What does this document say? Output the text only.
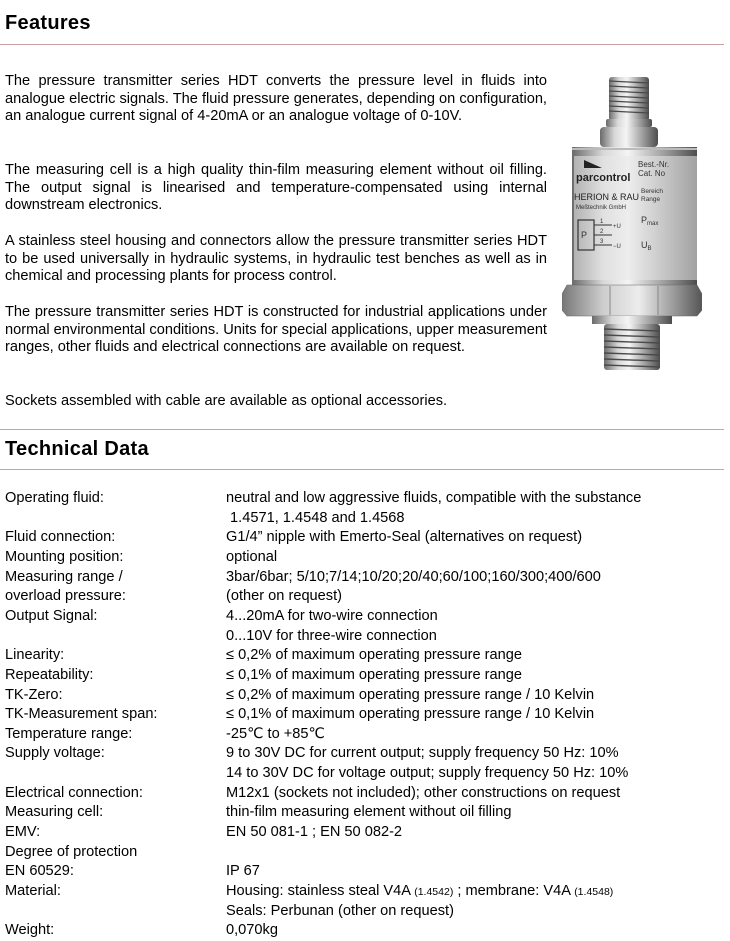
Features

The pressure transmitter series HDT converts the pressure level in fluids into analogue electric signals. The fluid pressure generates, depending on configuration, an analogue current signal of 4-20mA or an analogue voltage of 0-10V.

The measuring cell is a high quality thin-film measuring element without oil filling. The output signal is linearised and temperature-compensated using internal downstream electronics.

A stainless steel housing and connectors allow the pressure transmitter series HDT to be used universally in hydraulic systems, in hydraulic test benches as well as in chemical and processing plants for process control.

The pressure transmitter series HDT is constructed for industrial applications under normal environmental conditions. Units for special applications, upper measurement ranges, other fluids and electrical connections are available on request.

Sockets assembled with cable are available as optional accessories.

parcontrol
HERION & RAU
Meßtechnik GmbH
Best.-Nr.
Cat. No
Bereich
Range
$P_{max}$
$U_B$
P
1
2
3
+U
−U
Technical Data
Operating fluid:	neutral and low aggressive fluids, compatible with the substance
1.4571, 1.4548 and 1.4568
Fluid connection:	G1/4” nipple with Emerto-Seal (alternatives on request)
Mounting position:	optional
Measuring range /	3bar/6bar; 5/10;7/14;10/20;20/40;60/100;160/300;400/600
overload pressure:	(other on request)
Output Signal:	4...20mA for two-wire connection
0...10V for three-wire connection
Linearity:	≤ 0,2% of maximum operating pressure range
Repeatability:	≤ 0,1% of maximum operating pressure range
TK-Zero:	≤ 0,2% of maximum operating pressure range / 10 Kelvin
TK-Measurement span:	≤ 0,1% of maximum operating pressure range / 10 Kelvin
Temperature range:	-25℃ to +85℃
Supply voltage:	9 to 30V DC for current output; supply frequency 50 Hz: 10%
14 to 30V DC for voltage output; supply frequency 50 Hz: 10%
Electrical connection:	M12x1 (sockets not included); other constructions on request
Measuring cell:	thin-film measuring element without oil filling
EMV:	EN 50 081-1 ; EN 50 082-2
Degree of protection
EN 60529:	IP 67
Material:	Housing: stainless steal V4A (1.4542) ; membrane: V4A (1.4548)
Seals: Perbunan (other on request)
Weight:	0,070kg
